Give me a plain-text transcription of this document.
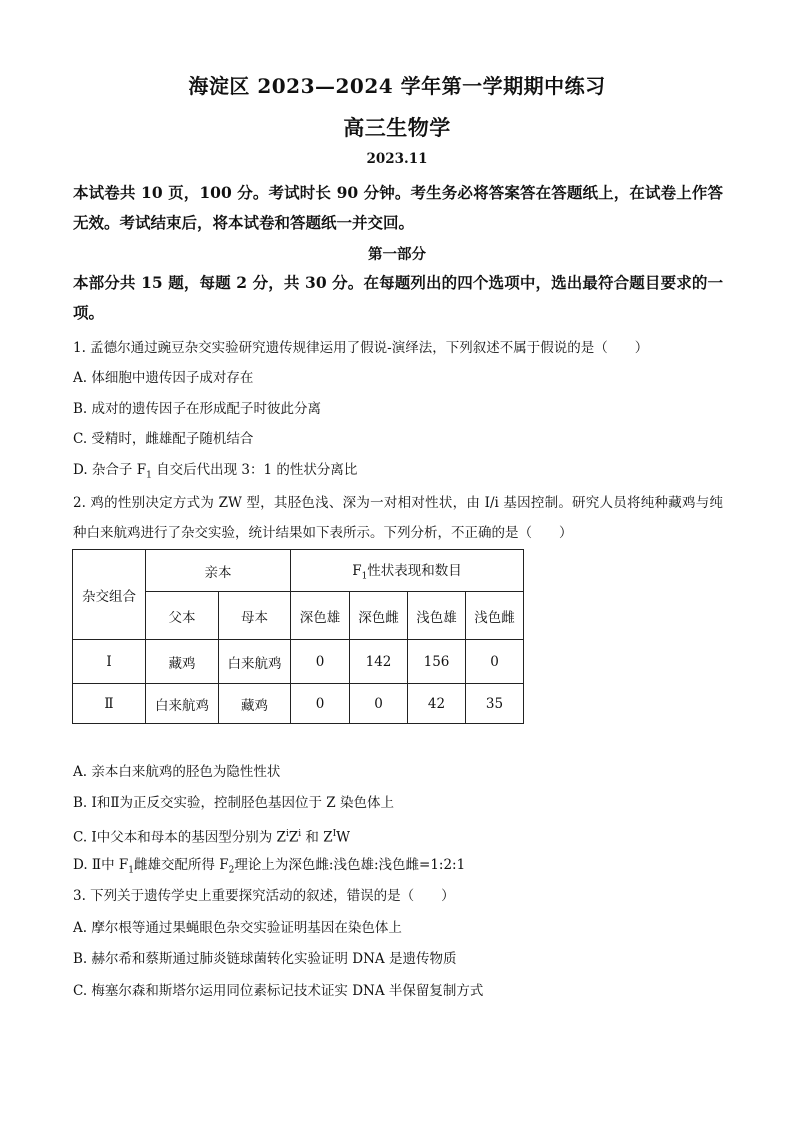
海淀区 2023—2024 学年第一学期期中练习
高三生物学
2023.11
本试卷共 10 页，100 分。考试时长 90 分钟。考生务必将答案答在答题纸上，在试卷上作答无效。考试结束后，将本试卷和答题纸一并交回。
第一部分
本部分共 15 题，每题 2 分，共 30 分。在每题列出的四个选项中，选出最符合题目要求的一项。
1. 孟德尔通过豌豆杂交实验研究遗传规律运用了假说-演绎法，下列叙述不属于假说的是（　　）
A. 体细胞中遗传因子成对存在
B. 成对的遗传因子在形成配子时彼此分离
C. 受精时，雌雄配子随机结合
D. 杂合子 $F_1$ 自交后代出现 3：1 的性状分离比
2. 鸡的性别决定方式为 ZW 型，其胫色浅、深为一对相对性状，由 I/i 基因控制。研究人员将纯种藏鸡与纯种白来航鸡进行了杂交实验，统计结果如下表所示。下列分析，不正确的是（　　）
杂交组合	亲本		$F_1$性状表现和数目			
	父本	母本	深色雄	深色雌	浅色雄	浅色雌
Ⅰ	藏鸡	白来航鸡	0	142	156	0
Ⅱ	白来航鸡	藏鸡	0	0	42	35
A. 亲本白来航鸡的胫色为隐性性状
B. Ⅰ和Ⅱ为正反交实验，控制胫色基因位于 Z 染色体上
C. Ⅰ中父本和母本的基因型分别为 $Z^iZ^i$ 和 $Z^IW$
D. Ⅱ中 $F_1$雌雄交配所得 $F_2$理论上为深色雌:浅色雄:浅色雌=1:2:1
3. 下列关于遗传学史上重要探究活动的叙述，错误的是（　　）
A. 摩尔根等通过果蝇眼色杂交实验证明基因在染色体上
B. 赫尔希和蔡斯通过肺炎链球菌转化实验证明 DNA 是遗传物质
C. 梅塞尔森和斯塔尔运用同位素标记技术证实 DNA 半保留复制方式
